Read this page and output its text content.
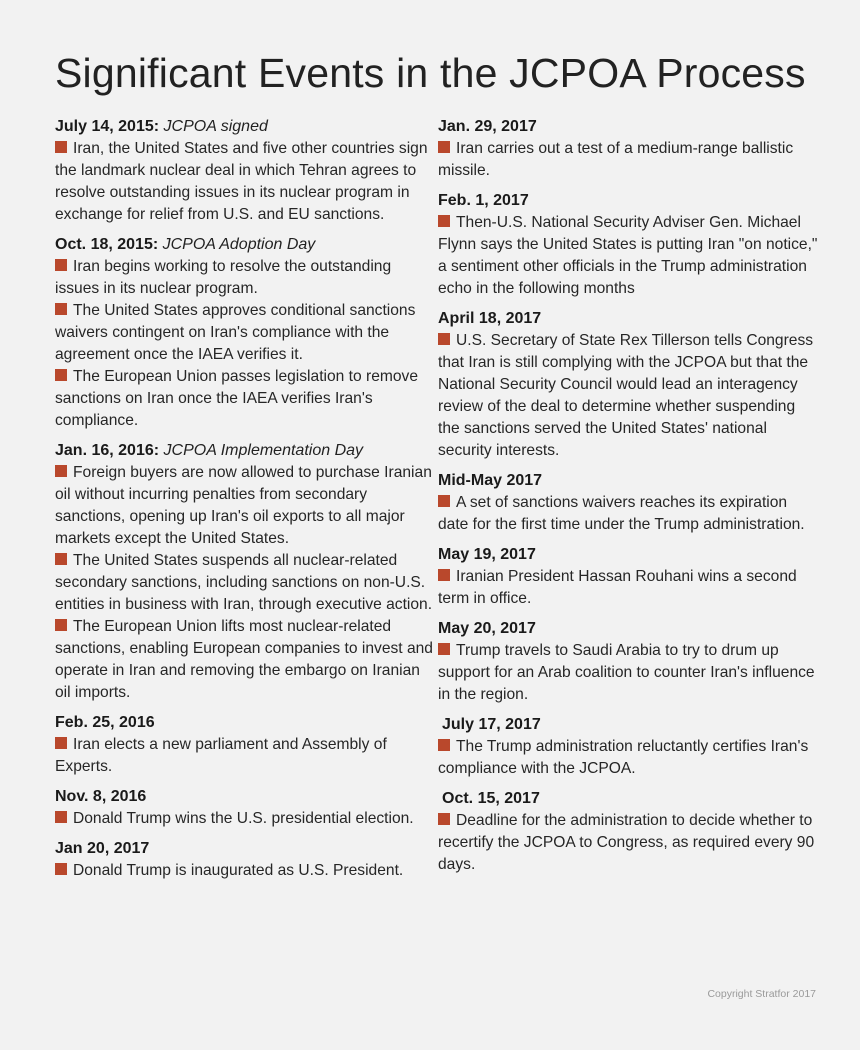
Significant Events in the JCPOA Process
July 14, 2015: JCPOA signed
Iran, the United States and five other countries sign the landmark nuclear deal in which Tehran agrees to resolve outstanding issues in its nuclear program in exchange for relief from U.S. and EU sanctions.
Oct. 18, 2015: JCPOA Adoption Day
Iran begins working to resolve the outstanding issues in its nuclear program.
The United States approves conditional sanctions waivers contingent on Iran's compliance with the agreement once the IAEA verifies it.
The European Union passes legislation to remove sanctions on Iran once the IAEA verifies Iran's compliance.
Jan. 16, 2016: JCPOA Implementation Day
Foreign buyers are now allowed to purchase Iranian oil without incurring penalties from secondary sanctions, opening up Iran's oil exports to all major markets except the United States.
The United States suspends all nuclear-related secondary sanctions, including sanctions on non-U.S. entities in business with Iran, through executive action.
The European Union lifts most nuclear-related sanctions, enabling European companies to invest and operate in Iran and removing the embargo on Iranian oil imports.
Feb. 25, 2016
Iran elects a new parliament and Assembly of Experts.
Nov. 8, 2016
Donald Trump wins the U.S. presidential election.
Jan 20, 2017
Donald Trump is inaugurated as U.S. President.
Jan. 29, 2017
Iran carries out a test of a medium-range ballistic missile.
Feb. 1, 2017
Then-U.S. National Security Adviser Gen. Michael Flynn says the United States is putting Iran "on notice," a sentiment other officials in the Trump administration echo in the following months
April 18, 2017
U.S. Secretary of State Rex Tillerson tells Congress that Iran is still complying with the JCPOA but that the National Security Council would lead an interagency review of the deal to determine whether suspending the sanctions served the United States' national security interests.
Mid-May 2017
A set of sanctions waivers reaches its expiration date for the first time under the Trump administration.
May 19, 2017
Iranian President Hassan Rouhani wins a second term in office.
May 20, 2017
Trump travels to Saudi Arabia to try to drum up support for an Arab coalition to counter Iran's influence in the region.
July 17, 2017
The Trump administration reluctantly certifies Iran's compliance with the JCPOA.
Oct. 15, 2017
Deadline for the administration to decide whether to recertify the JCPOA to Congress, as required every 90 days.
Copyright Stratfor 2017
